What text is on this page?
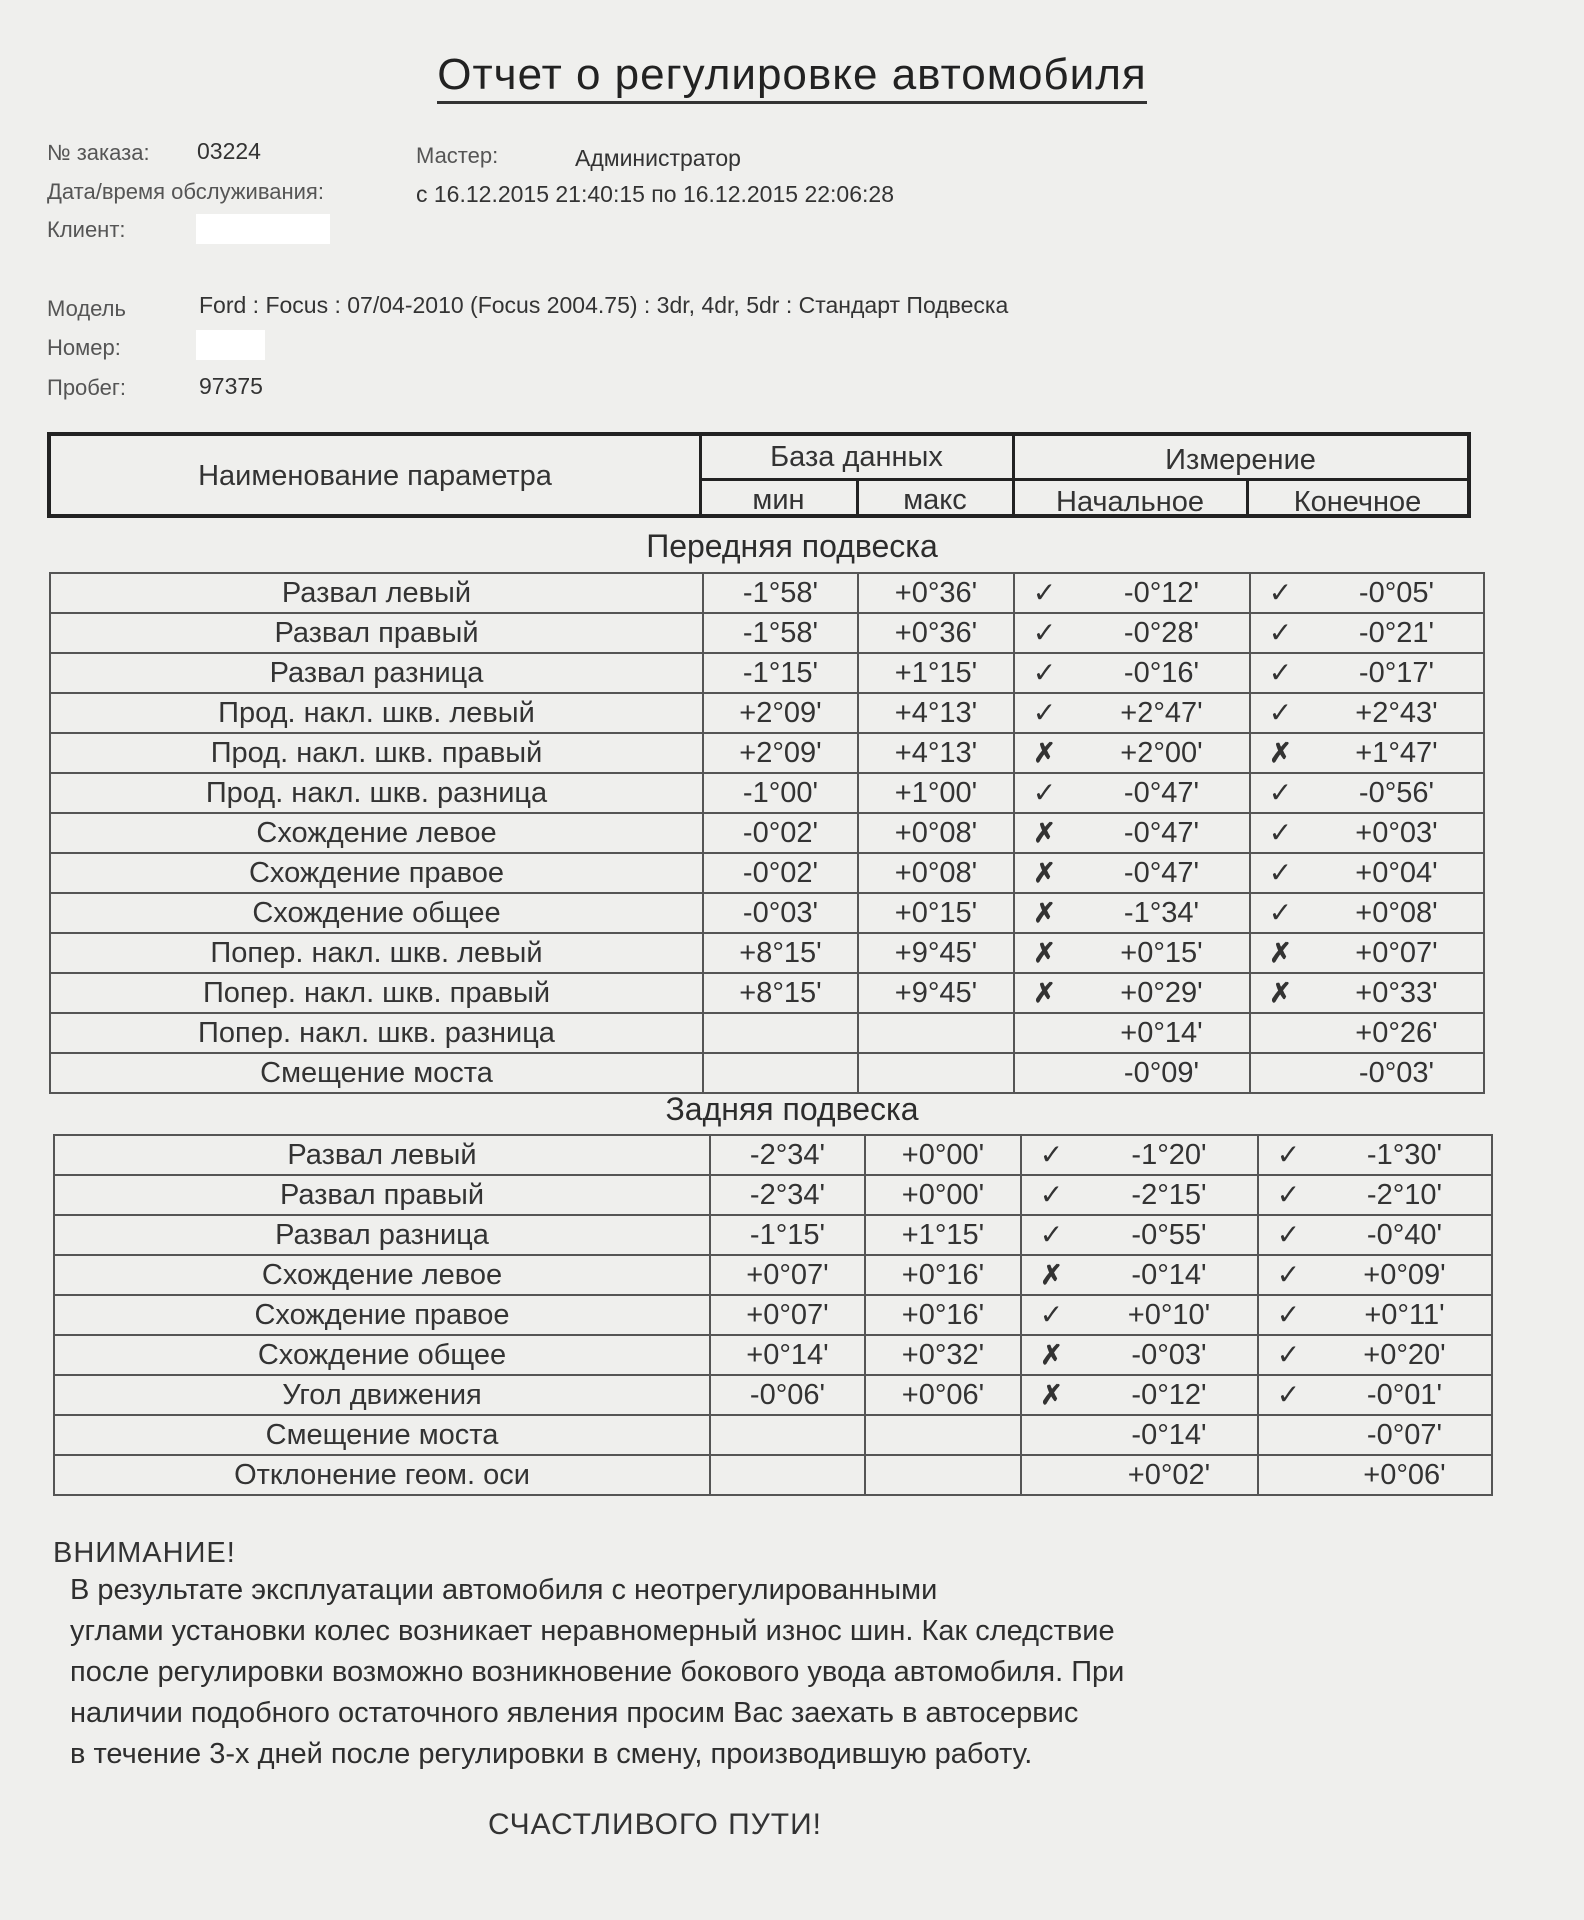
Отчет о регулировке автомобиля
№ заказа: 03224	Мастер:	Администратор
Дата/время обслуживания:	с 16.12.2015 21:40:15 по 16.12.2015 22:06:28
Клиент:
Модель	Ford : Focus : 07/04-2010 (Focus 2004.75) : 3dr, 4dr, 5dr : Стандарт Подвеска
Номер:
Пробег:	97375
Наименование параметра
База данных
мин	макс
Измерение
Начальное	Конечное
Передняя подвеска
Развал левый	-1°58'	+0°36'	✓	-0°12'	✓	-0°05'
Развал правый	-1°58'	+0°36'	✓	-0°28'	✓	-0°21'
Развал разница	-1°15'	+1°15'	✓	-0°16'	✓	-0°17'
Прод. накл. шкв. левый	+2°09'	+4°13'	✓	+2°47'	✓	+2°43'
Прод. накл. шкв. правый	+2°09'	+4°13'	✗	+2°00'	✗	+1°47'
Прод. накл. шкв. разница	-1°00'	+1°00'	✓	-0°47'	✓	-0°56'
Схождение левое	-0°02'	+0°08'	✗	-0°47'	✓	+0°03'
Схождение правое	-0°02'	+0°08'	✗	-0°47'	✓	+0°04'
Схождение общее	-0°03'	+0°15'	✗	-1°34'	✓	+0°08'
Попер. накл. шкв. левый	+8°15'	+9°45'	✗	+0°15'	✗	+0°07'
Попер. накл. шкв. правый	+8°15'	+9°45'	✗	+0°29'	✗	+0°33'
Попер. накл. шкв. разница				+0°14'		+0°26'
Смещение моста				-0°09'		-0°03'
Задняя подвеска
Развал левый	-2°34'	+0°00'	✓	-1°20'	✓	-1°30'
Развал правый	-2°34'	+0°00'	✓	-2°15'	✓	-2°10'
Развал разница	-1°15'	+1°15'	✓	-0°55'	✓	-0°40'
Схождение левое	+0°07'	+0°16'	✗	-0°14'	✓	+0°09'
Схождение правое	+0°07'	+0°16'	✓	+0°10'	✓	+0°11'
Схождение общее	+0°14'	+0°32'	✗	-0°03'	✓	+0°20'
Угол движения	-0°06'	+0°06'	✗	-0°12'	✓	-0°01'
Смещение моста				-0°14'		-0°07'
Отклонение геом. оси				+0°02'		+0°06'
ВНИМАНИЕ!
В результате эксплуатации автомобиля с неотрегулированными
углами установки колес возникает неравномерный износ шин. Как следствие
после регулировки возможно возникновение бокового увода автомобиля. При
наличии подобного остаточного явления просим Вас заехать в автосервис
в течение 3-х дней после регулировки в смену, производившую работу.
СЧАСТЛИВОГО ПУТИ!
